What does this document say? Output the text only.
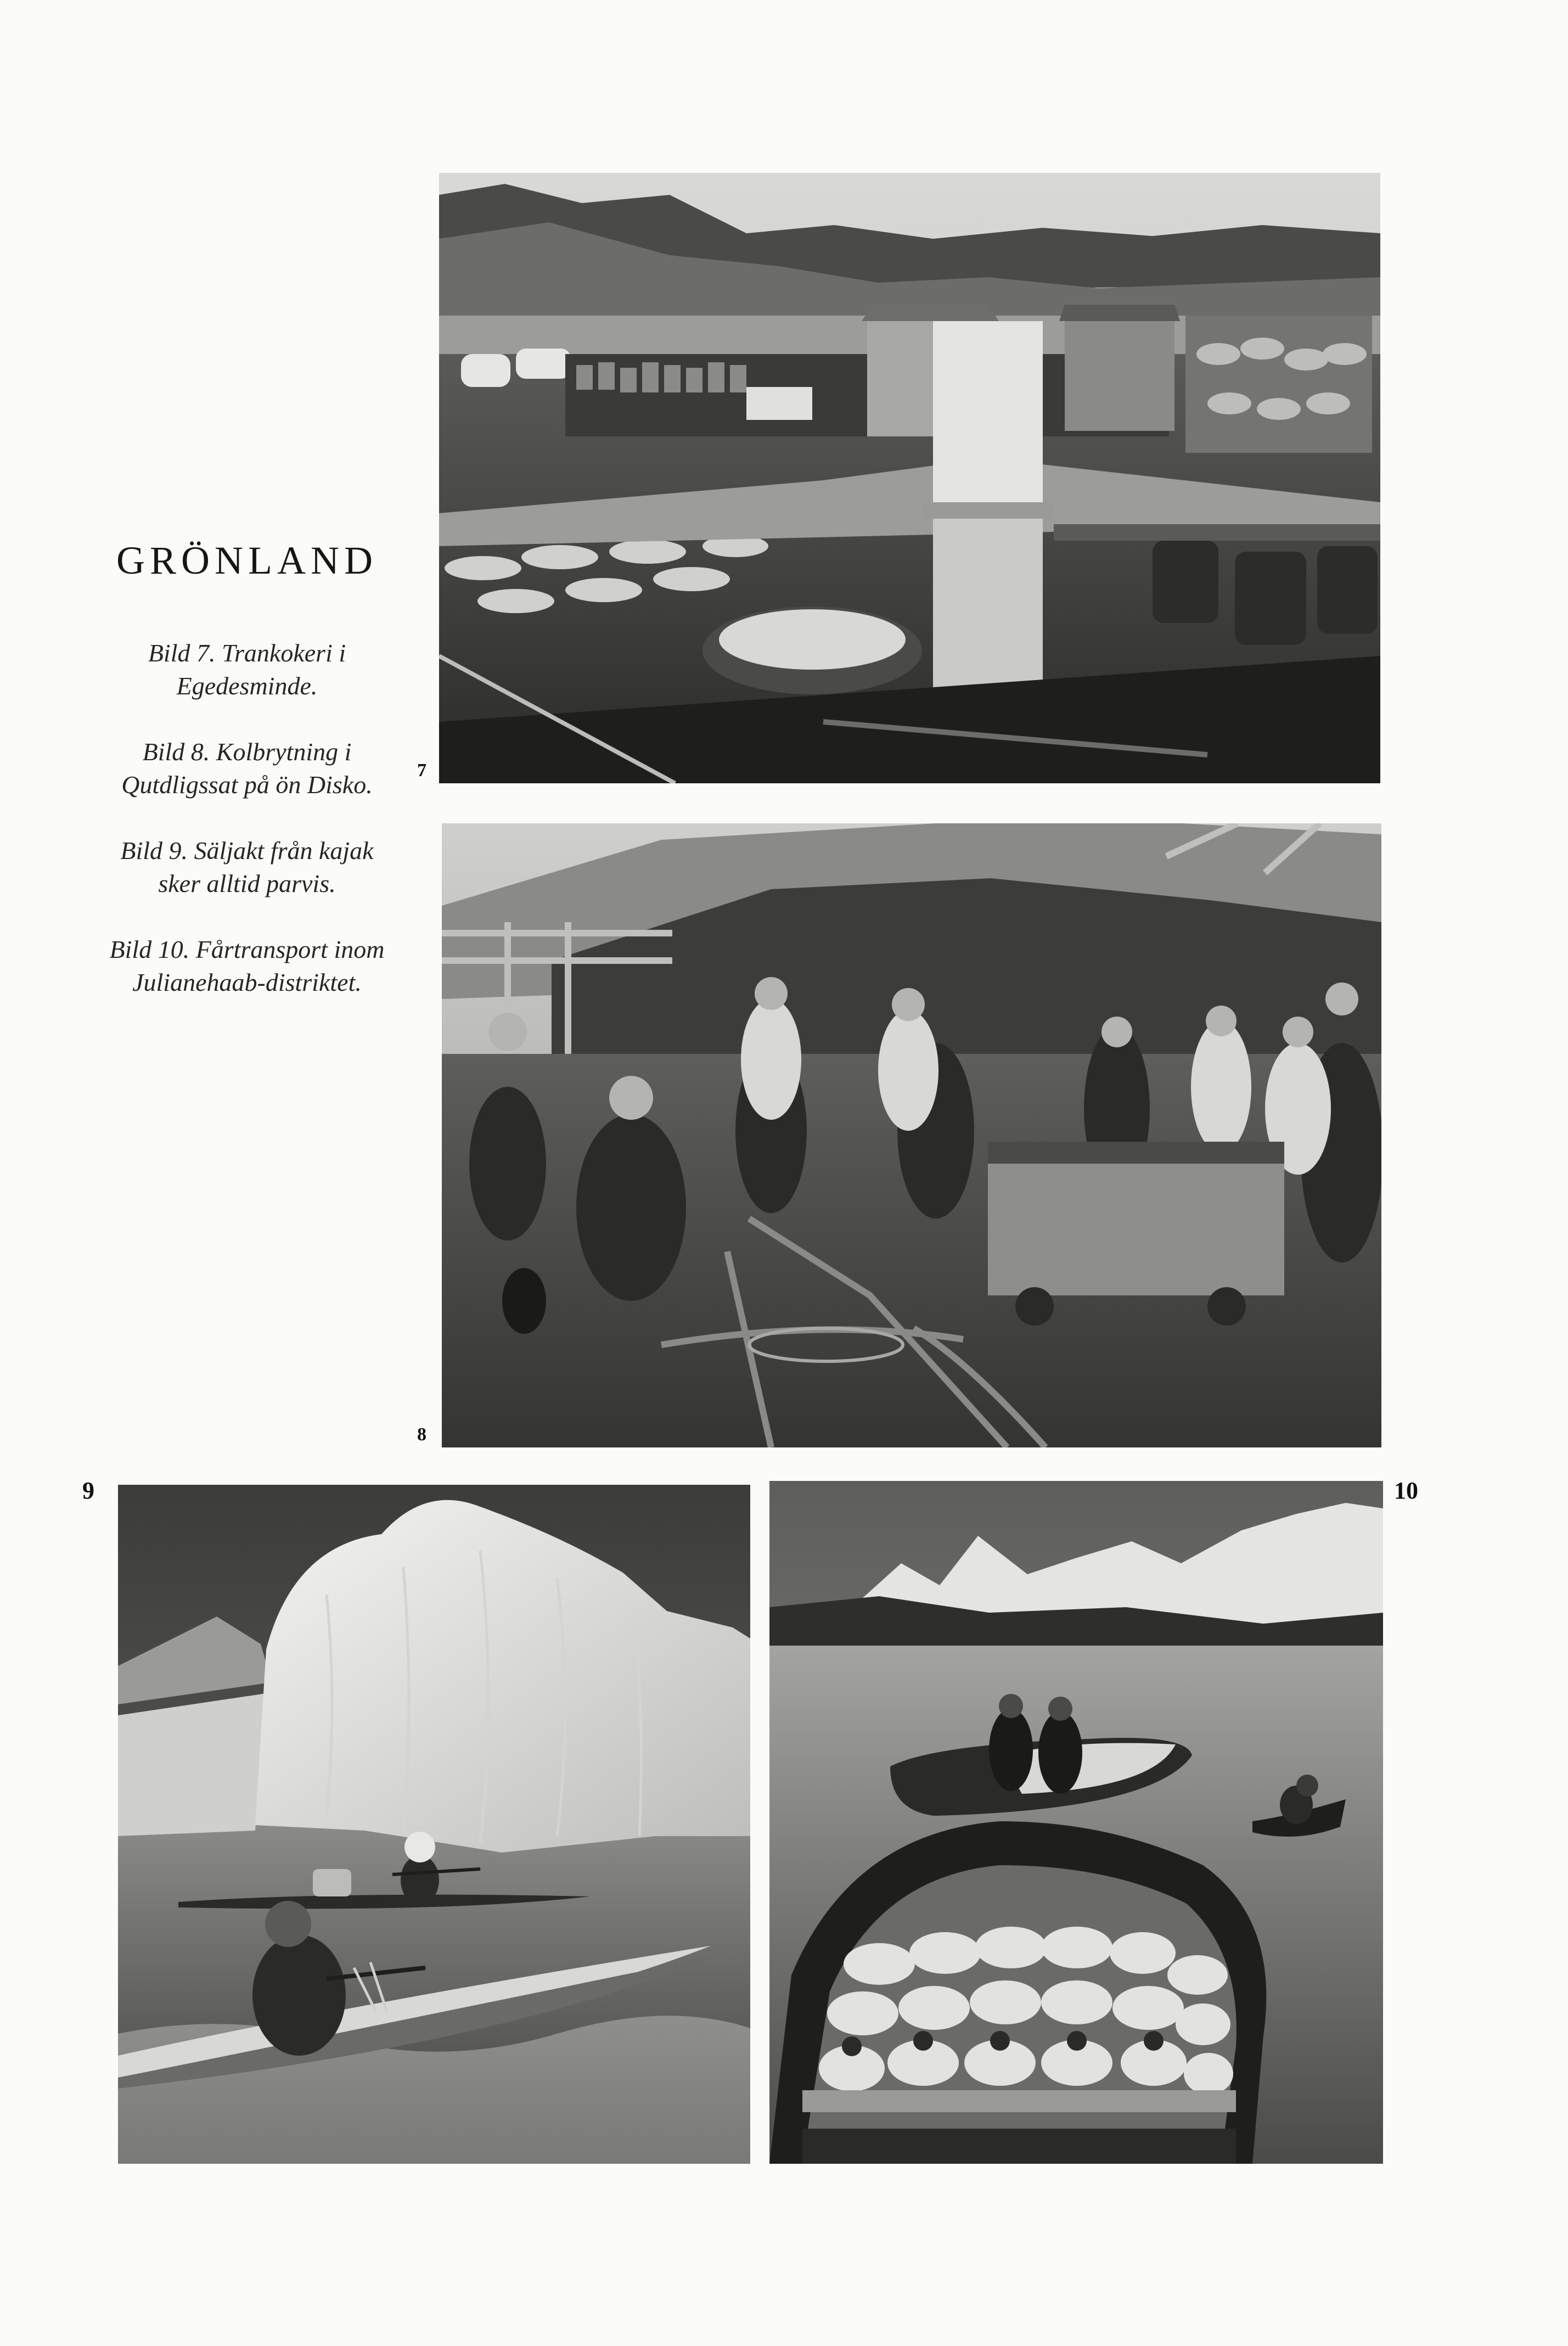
GRÖNLAND

Bild 7. Trankokeri i Egedesminde.

Bild 8. Kolbrytning i Qutdligssat på ön Disko.

Bild 9. Säljakt från kajak sker alltid parvis.

Bild 10. Fårtransport inom Julianehaab-distriktet.

7
8
9	10
